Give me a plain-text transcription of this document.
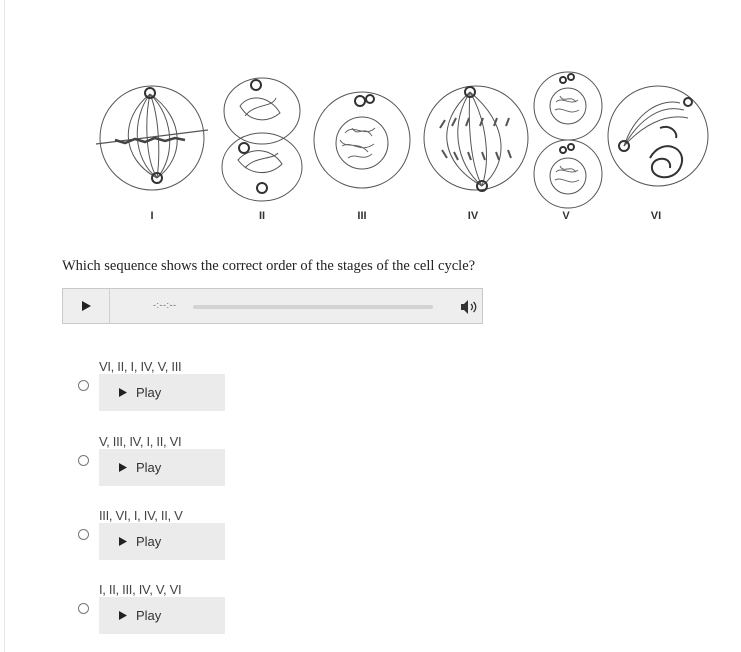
I	II	III	IV	V	VI
Which sequence shows the correct order of the stages of the cell cycle?
-:--:--
VI, II, I, IV, V, III
Play
V, III, IV, I, II, VI
Play
III, VI, I, IV, II, V
Play
I, II, III, IV, V, VI
Play
